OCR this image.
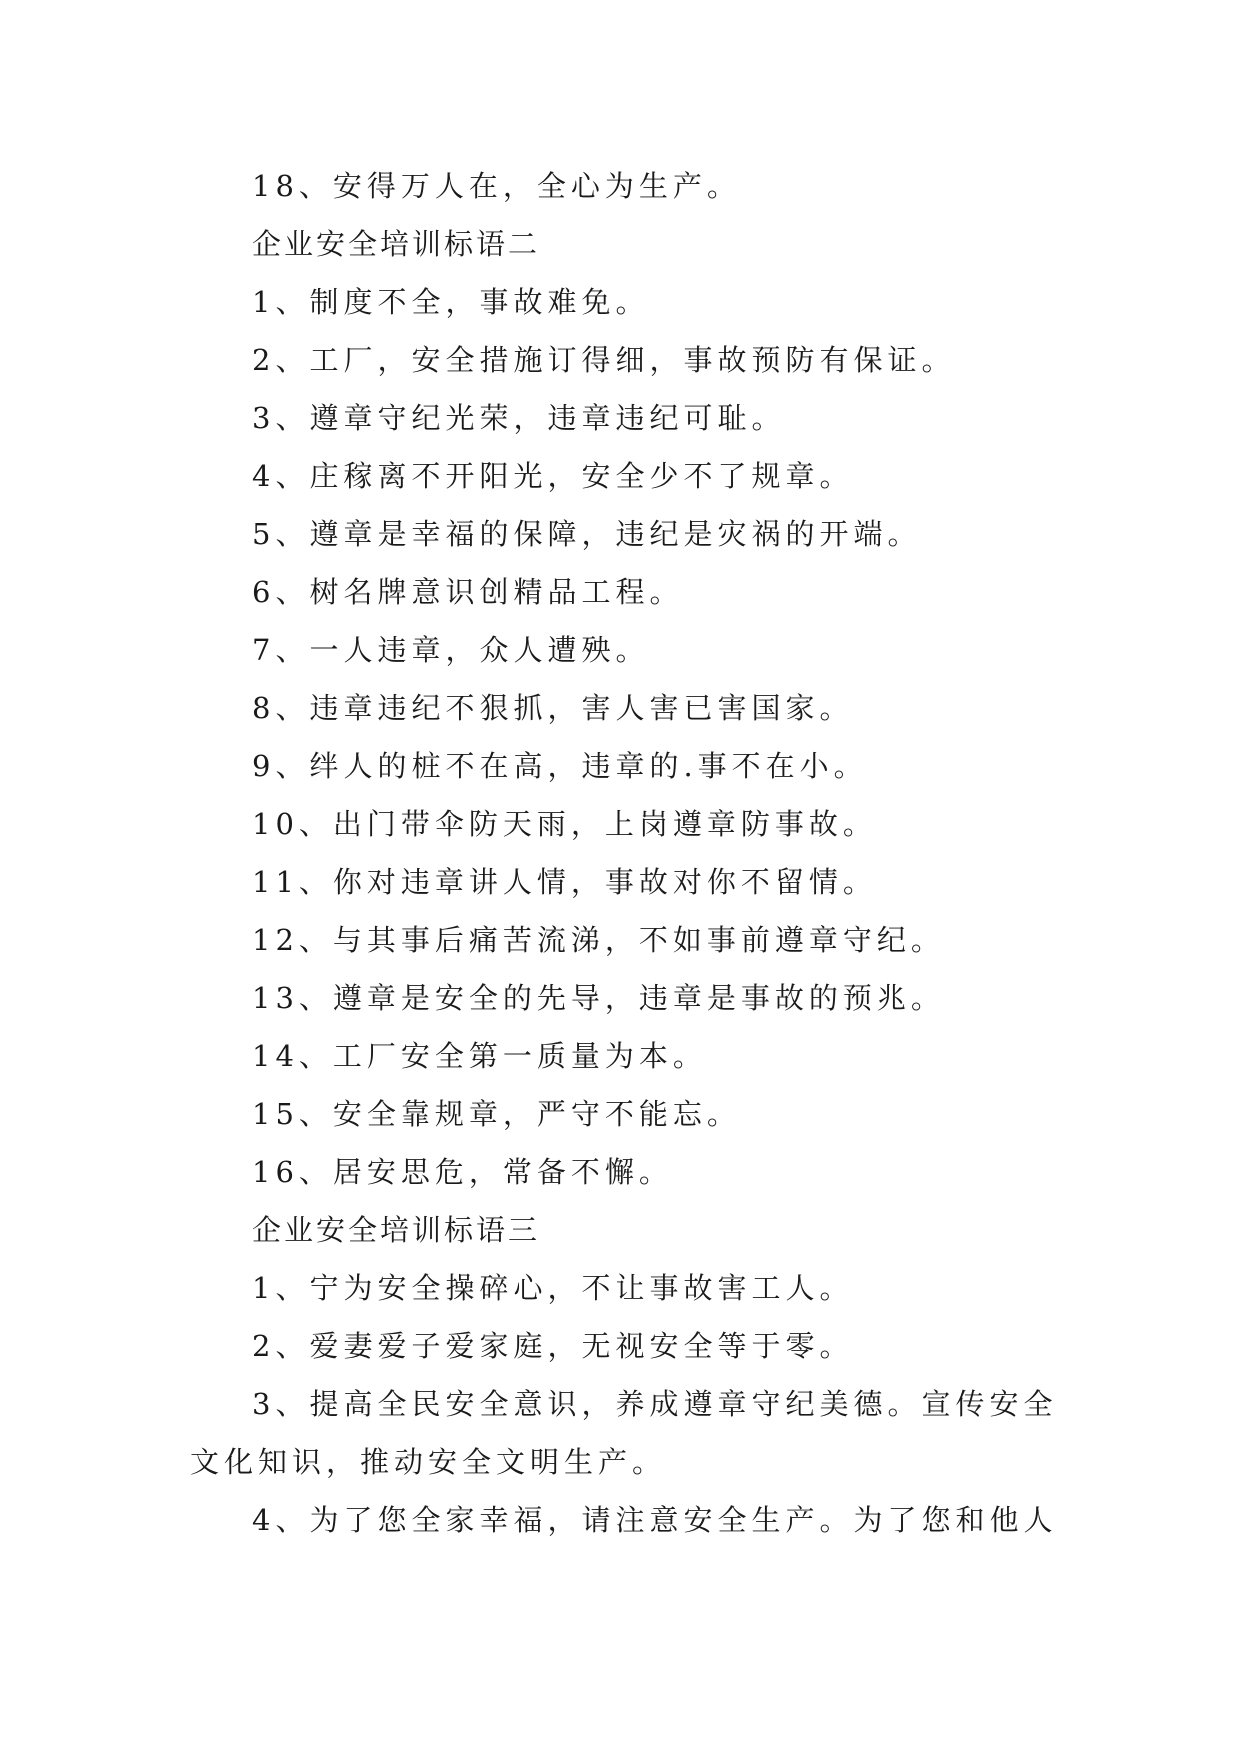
18、安得万人在，全心为生产。
企业安全培训标语二
1、制度不全，事故难免。
2、工厂，安全措施订得细，事故预防有保证。
3、遵章守纪光荣，违章违纪可耻。
4、庄稼离不开阳光，安全少不了规章。
5、遵章是幸福的保障，违纪是灾祸的开端。
6、树名牌意识创精品工程。
7、一人违章，众人遭殃。
8、违章违纪不狠抓，害人害已害国家。
9、绊人的桩不在高，违章的.事不在小。
10、出门带伞防天雨，上岗遵章防事故。
11、你对违章讲人情，事故对你不留情。
12、与其事后痛苦流涕，不如事前遵章守纪。
13、遵章是安全的先导，违章是事故的预兆。
14、工厂安全第一质量为本。
15、安全靠规章，严守不能忘。
16、居安思危，常备不懈。
企业安全培训标语三
1、宁为安全操碎心，不让事故害工人。
2、爱妻爱子爱家庭，无视安全等于零。
3、提高全民安全意识，养成遵章守纪美德。宣传安全
文化知识，推动安全文明生产。
4、为了您全家幸福，请注意安全生产。为了您和他人
